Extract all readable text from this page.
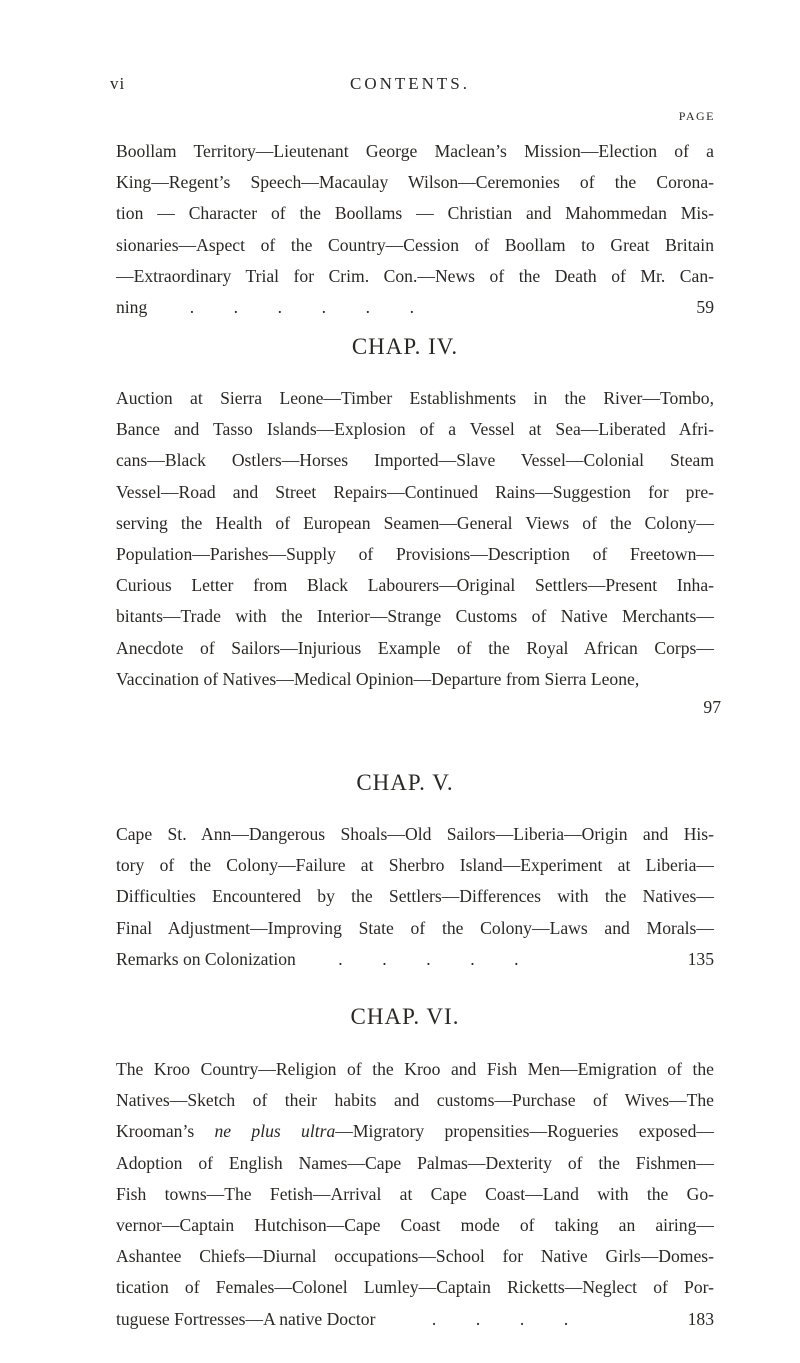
vi	CONTENTS.
PAGE
Boollam Territory—Lieutenant George Maclean’s Mission—Election of a
King—Regent’s Speech—Macaulay Wilson—Ceremonies of the Corona-
tion — Character of the Boollams — Christian and Mahommedan Mis-
sionaries—Aspect of the Country—Cession of Boollam to Great Britain
—Extraordinary Trial for Crim. Con.—News of the Death of Mr. Can-
ning .         .         .         .         .         .	59
CHAP. IV.
Auction at Sierra Leone—Timber Establishments in the River—Tombo,
Bance and Tasso Islands—Explosion of a Vessel at Sea—Liberated Afri-
cans—Black Ostlers—Horses Imported—Slave Vessel—Colonial Steam
Vessel—Road and Street Repairs—Continued Rains—Suggestion for pre-
serving the Health of European Seamen—General Views of the Colony—
Population—Parishes—Supply of Provisions—Description of Freetown—
Curious Letter from Black Labourers—Original Settlers—Present Inha-
bitants—Trade with the Interior—Strange Customs of Native Merchants—
Anecdote of Sailors—Injurious Example of the Royal African Corps—
Vaccination of Natives—Medical Opinion—Departure from Sierra Leone,
97
CHAP. V.
Cape St. Ann—Dangerous Shoals—Old Sailors—Liberia—Origin and His-
tory of the Colony—Failure at Sherbro Island—Experiment at Liberia—
Difficulties Encountered by the Settlers—Differences with the Natives—
Final Adjustment—Improving State of the Colony—Laws and Morals—
Remarks on Colonization .         .         .         .         .	135
CHAP. VI.
The Kroo Country—Religion of the Kroo and Fish Men—Emigration of the
Natives—Sketch of their habits and customs—Purchase of Wives—The
Krooman’s ne plus ultra—Migratory propensities—Rogueries exposed—
Adoption of English Names—Cape Palmas—Dexterity of the Fishmen—
Fish towns—The Fetish—Arrival at Cape Coast—Land with the Go-
vernor—Captain Hutchison—Cape Coast mode of taking an airing—
Ashantee Chiefs—Diurnal occupations—School for Native Girls—Domes-
tication of Females—Colonel Lumley—Captain Ricketts—Neglect of Por-
tuguese Fortresses—A native Doctor	.         .         .         .	183
